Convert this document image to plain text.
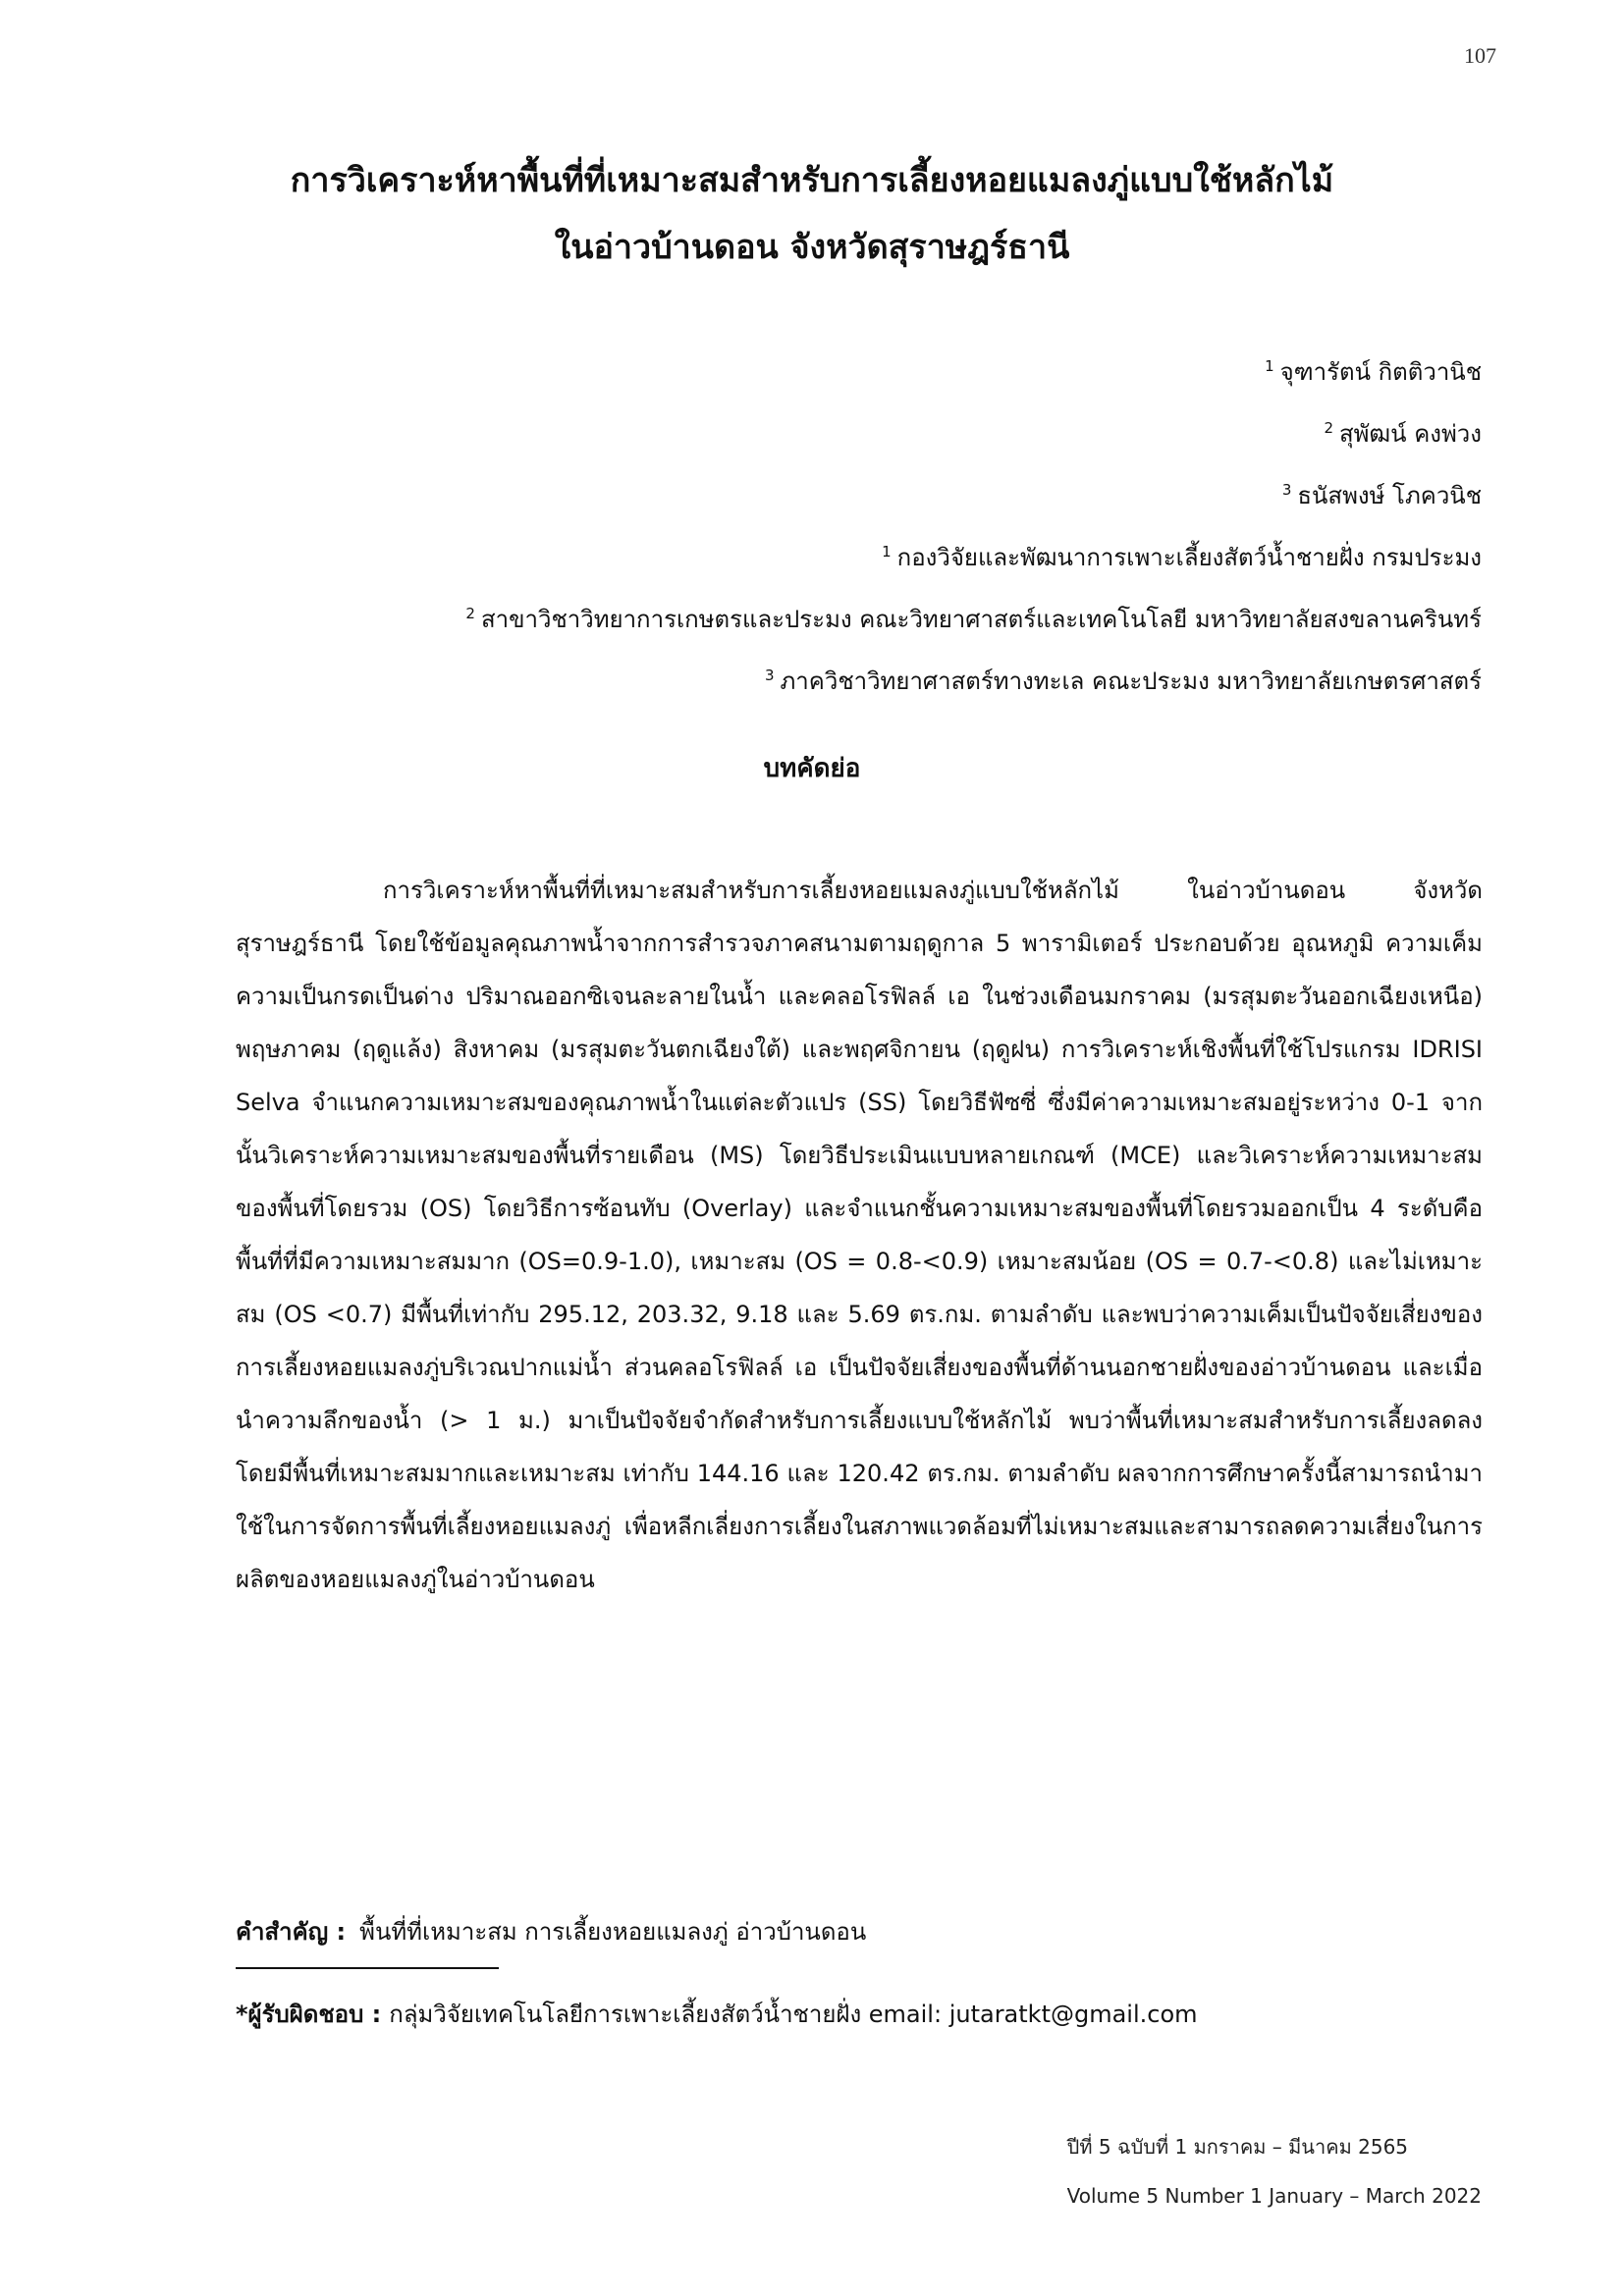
107
การวิเคราะห์หาพื้นที่ที่เหมาะสมสำหรับการเลี้ยงหอยแมลงภู่แบบใช้หลักไม้
ในอ่าวบ้านดอน จังหวัดสุราษฎร์ธานี
$^1$ จุฑารัตน์ กิตติวานิช
$^2$ สุพัฒน์ คงพ่วง
$^3$ ธนัสพงษ์ โภควนิช
$^1$ กองวิจัยและพัฒนาการเพาะเลี้ยงสัตว์น้ำชายฝั่ง กรมประมง
$^2$ สาขาวิชาวิทยาการเกษตรและประมง คณะวิทยาศาสตร์และเทคโนโลยี มหาวิทยาลัยสงขลานครินทร์
$^3$ ภาควิชาวิทยาศาสตร์ทางทะเล คณะประมง มหาวิทยาลัยเกษตรศาสตร์
บทคัดย่อ
การวิเคราะห์หาพื้นที่ที่เหมาะสมสำหรับการเลี้ยงหอยแมลงภู่แบบใช้หลักไม้ ในอ่าวบ้านดอน จังหวัดสุราษฎร์ธานี โดยใช้ข้อมูลคุณภาพน้ำจากการสำรวจภาคสนามตามฤดูกาล 5 พารามิเตอร์ ประกอบด้วย อุณหภูมิ ความเค็ม ความเป็นกรดเป็นด่าง ปริมาณออกซิเจนละลายในน้ำ และคลอโรฟิลล์ เอ ในช่วงเดือนมกราคม (มรสุมตะวันออกเฉียงเหนือ) พฤษภาคม (ฤดูแล้ง) สิงหาคม (มรสุมตะวันตกเฉียงใต้) และพฤศจิกายน (ฤดูฝน) การวิเคราะห์เชิงพื้นที่ใช้โปรแกรม IDRISI Selva จำแนกความเหมาะสมของคุณภาพน้ำในแต่ละตัวแปร (SS) โดยวิธีฟัซซี่ ซึ่งมีค่าความเหมาะสมอยู่ระหว่าง 0-1 จากนั้นวิเคราะห์ความเหมาะสมของพื้นที่รายเดือน (MS) โดยวิธีประเมินแบบหลายเกณฑ์ (MCE) และวิเคราะห์ความเหมาะสมของพื้นที่โดยรวม (OS) โดยวิธีการซ้อนทับ (Overlay) และจำแนกชั้นความเหมาะสมของพื้นที่โดยรวมออกเป็น 4 ระดับคือ พื้นที่ที่มีความเหมาะสมมาก (OS=0.9-1.0), เหมาะสม (OS = 0.8-<0.9) เหมาะสมน้อย (OS = 0.7-<0.8) และไม่เหมาะสม (OS <0.7) มีพื้นที่เท่ากับ 295.12, 203.32, 9.18 และ 5.69 ตร.กม. ตามลำดับ และพบว่าความเค็มเป็นปัจจัยเสี่ยงของการเลี้ยงหอยแมลงภู่บริเวณปากแม่น้ำ ส่วนคลอโรฟิลล์ เอ เป็นปัจจัยเสี่ยงของพื้นที่ด้านนอกชายฝั่งของอ่าวบ้านดอน และเมื่อนำความลึกของน้ำ (> 1 ม.) มาเป็นปัจจัยจำกัดสำหรับการเลี้ยงแบบใช้หลักไม้ พบว่าพื้นที่เหมาะสมสำหรับการเลี้ยงลดลง โดยมีพื้นที่เหมาะสมมากและเหมาะสม เท่ากับ 144.16 และ 120.42 ตร.กม. ตามลำดับ ผลจากการศึกษาครั้งนี้สามารถนำมาใช้ในการจัดการพื้นที่เลี้ยงหอยแมลงภู่ เพื่อหลีกเลี่ยงการเลี้ยงในสภาพแวดล้อมที่ไม่เหมาะสมและสามารถลดความเสี่ยงในการผลิตของหอยแมลงภู่ในอ่าวบ้านดอน
คำสำคัญ : พื้นที่ที่เหมาะสม การเลี้ยงหอยแมลงภู่ อ่าวบ้านดอน
*ผู้รับผิดชอบ : กลุ่มวิจัยเทคโนโลยีการเพาะเลี้ยงสัตว์น้ำชายฝั่ง email: jutaratkt@gmail.com
ปีที่ 5 ฉบับที่ 1 มกราคม – มีนาคม 2565
Volume 5 Number 1 January – March 2022
